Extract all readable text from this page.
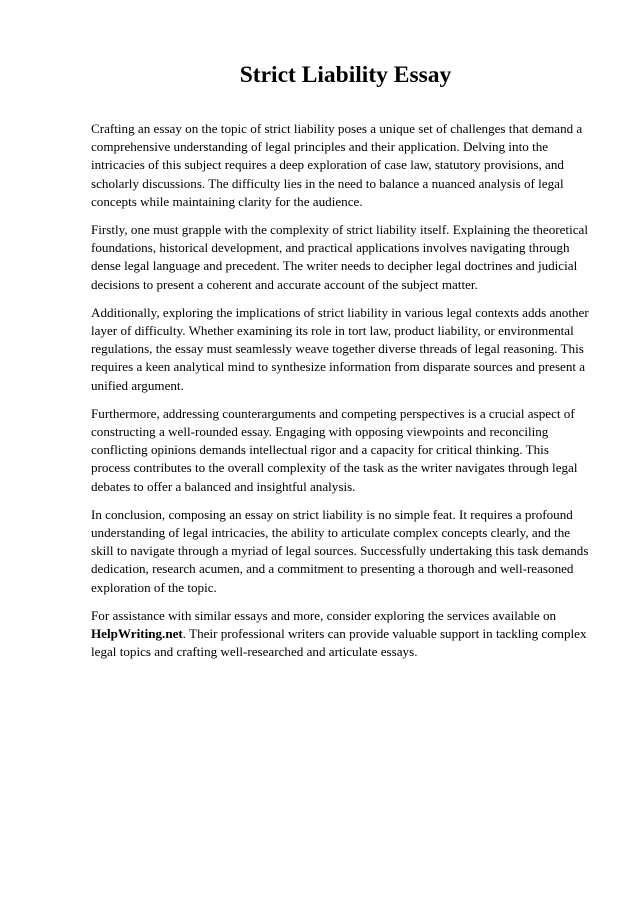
Strict Liability Essay

Crafting an essay on the topic of strict liability poses a unique set of challenges that demand a comprehensive understanding of legal principles and their application. Delving into the intricacies of this subject requires a deep exploration of case law, statutory provisions, and scholarly discussions. The difficulty lies in the need to balance a nuanced analysis of legal concepts while maintaining clarity for the audience.

Firstly, one must grapple with the complexity of strict liability itself. Explaining the theoretical foundations, historical development, and practical applications involves navigating through dense legal language and precedent. The writer needs to decipher legal doctrines and judicial decisions to present a coherent and accurate account of the subject matter.

Additionally, exploring the implications of strict liability in various legal contexts adds another layer of difficulty. Whether examining its role in tort law, product liability, or environmental regulations, the essay must seamlessly weave together diverse threads of legal reasoning. This requires a keen analytical mind to synthesize information from disparate sources and present a unified argument.

Furthermore, addressing counterarguments and competing perspectives is a crucial aspect of constructing a well-rounded essay. Engaging with opposing viewpoints and reconciling conflicting opinions demands intellectual rigor and a capacity for critical thinking. This process contributes to the overall complexity of the task as the writer navigates through legal debates to offer a balanced and insightful analysis.

In conclusion, composing an essay on strict liability is no simple feat. It requires a profound understanding of legal intricacies, the ability to articulate complex concepts clearly, and the skill to navigate through a myriad of legal sources. Successfully undertaking this task demands dedication, research acumen, and a commitment to presenting a thorough and well-reasoned exploration of the topic.

For assistance with similar essays and more, consider exploring the services available on HelpWriting.net. Their professional writers can provide valuable support in tackling complex legal topics and crafting well-researched and articulate essays.
